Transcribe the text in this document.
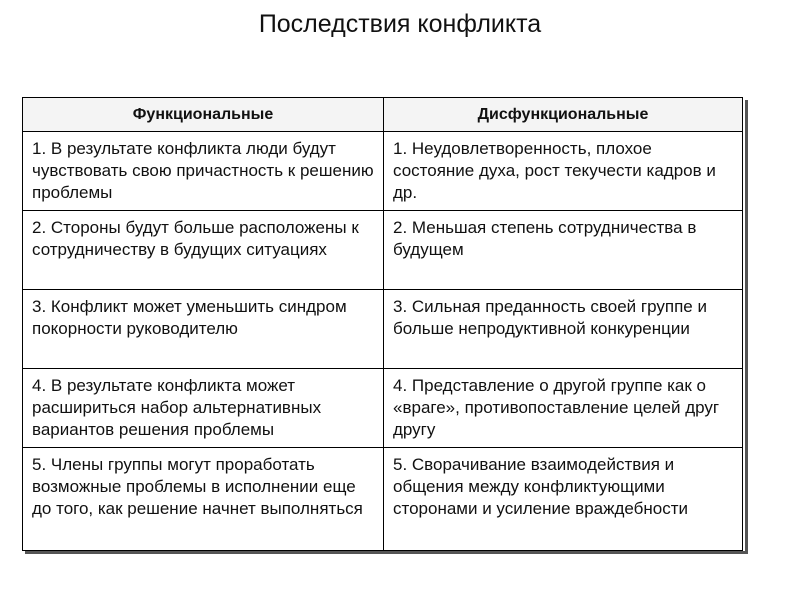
Последствия конфликта
Функциональные	Дисфункциональные
1. В результате конфликта люди будут чувствовать свою причастность к решению проблемы	1. Неудовлетворенность, плохое состояние духа, рост текучести кадров и др.
2. Стороны будут больше расположены к сотрудничеству в будущих ситуациях	2. Меньшая степень сотрудничества в будущем
3. Конфликт может уменьшить синдром покорности руководителю	3. Сильная преданность своей группе и больше непродуктивной конкуренции
4. В результате конфликта может расшириться набор альтернативных вариантов решения проблемы	4. Представление о другой группе как о «враге», противопоставление целей друг другу
5. Члены группы могут проработать возможные проблемы в исполнении еще до того, как решение начнет выполняться	5. Сворачивание взаимодействия и общения между конфликтующими сторонами и усиление враждебности
